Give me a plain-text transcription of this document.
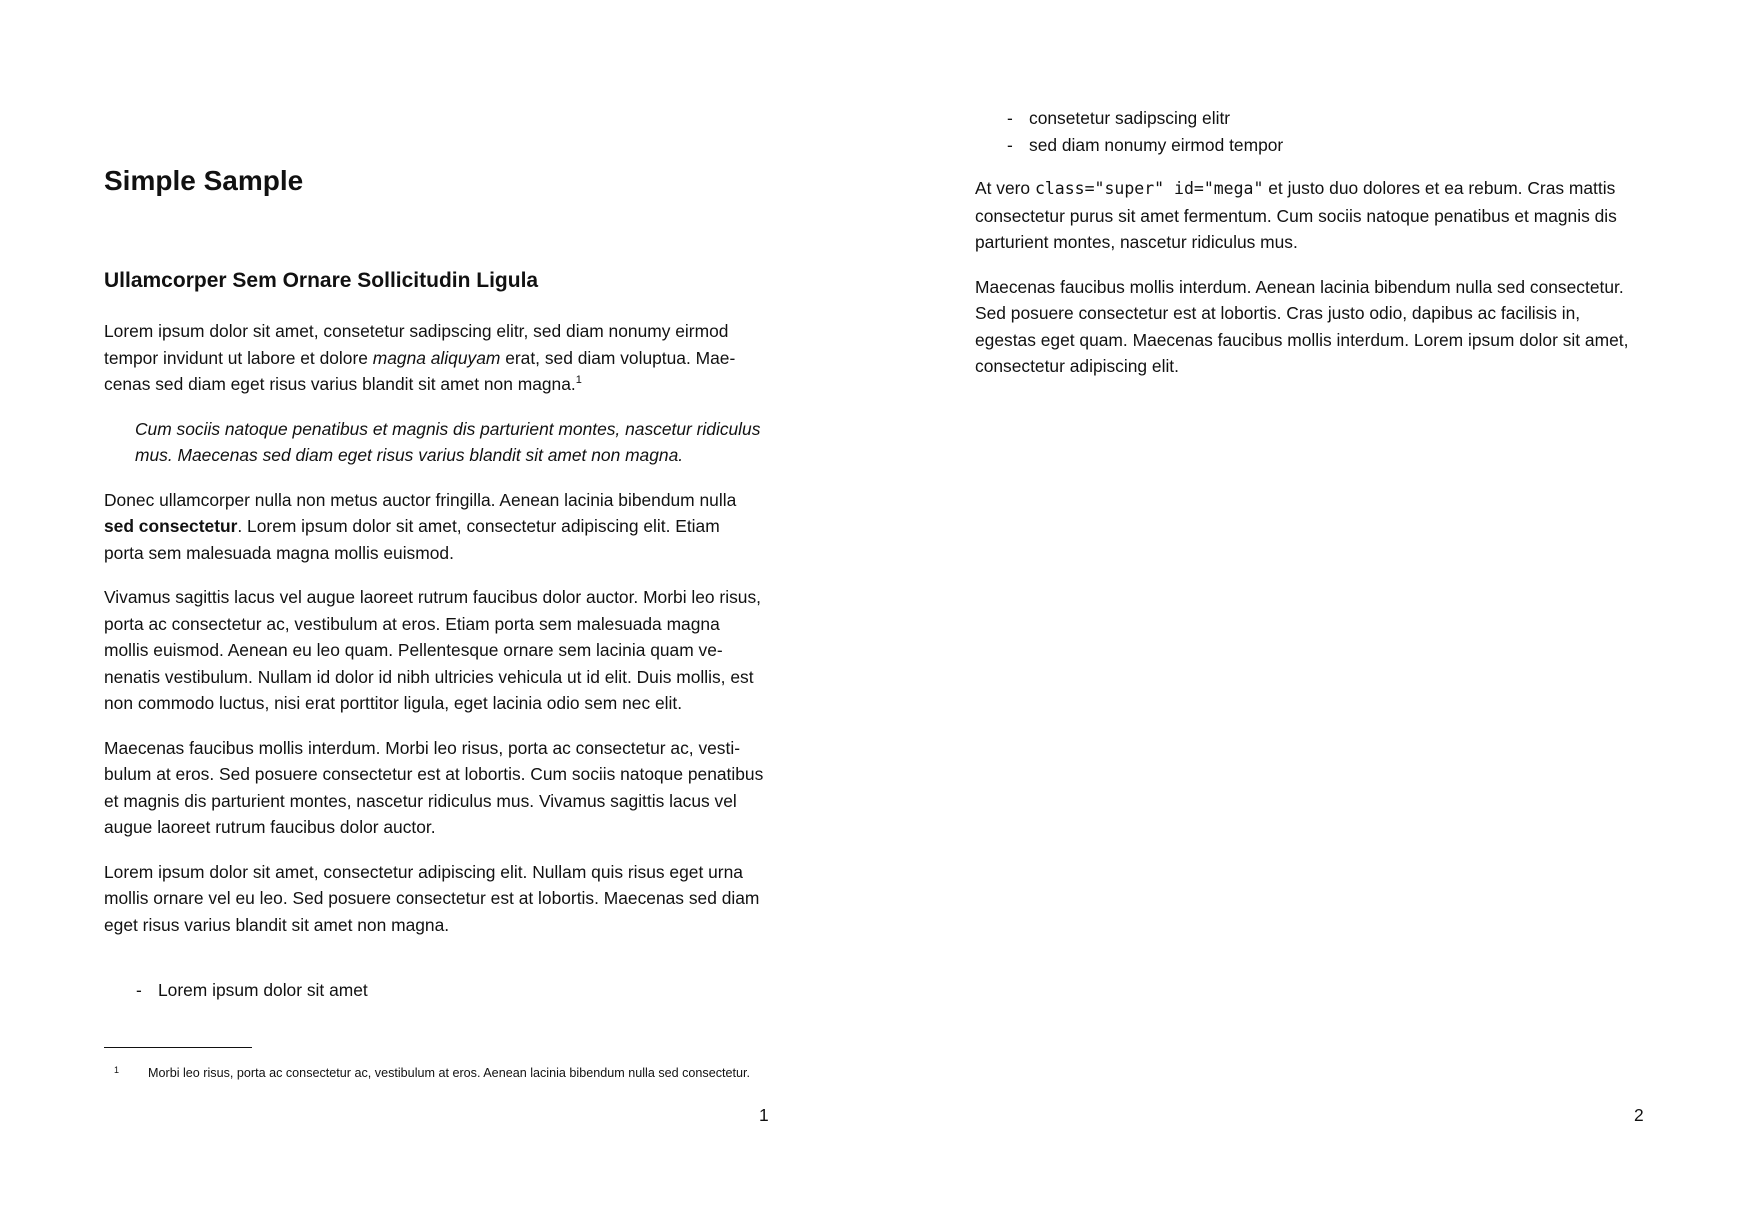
Simple Sample
Ullamcorper Sem Ornare Sollicitudin Ligula

Lorem ipsum dolor sit amet, consetetur sadipscing elitr, sed diam nonumy eirmod tempor invidunt ut labore et dolore magna aliquyam erat, sed diam voluptua. Maecenas sed diam eget risus varius blandit sit amet non magna.$^1$

Cum sociis natoque penatibus et magnis dis parturient montes, nascetur ridiculus mus. Maecenas sed diam eget risus varius blandit sit amet non magna.

Donec ullamcorper nulla non metus auctor fringilla. Aenean lacinia bibendum nulla sed consectetur. Lorem ipsum dolor sit amet, consectetur adipiscing elit. Etiam porta sem malesuada magna mollis euismod.

Vivamus sagittis lacus vel augue laoreet rutrum faucibus dolor auctor. Morbi leo risus, porta ac consectetur ac, vestibulum at eros. Etiam porta sem malesuada magna mollis euismod. Aenean eu leo quam. Pellentesque ornare sem lacinia quam venenatis vestibulum. Nullam id dolor id nibh ultricies vehicula ut id elit. Duis mollis, est non commodo luctus, nisi erat porttitor ligula, eget lacinia odio sem nec elit.

Maecenas faucibus mollis interdum. Morbi leo risus, porta ac consectetur ac, vestibulum at eros. Sed posuere consectetur est at lobortis. Cum sociis natoque penatibus et magnis dis parturient montes, nascetur ridiculus mus. Vivamus sagittis lacus vel augue laoreet rutrum faucibus dolor auctor.

Lorem ipsum dolor sit amet, consectetur adipiscing elit. Nullam quis risus eget urna mollis ornare vel eu leo. Sed posuere consectetur est at lobortis. Maecenas sed diam eget risus varius blandit sit amet non magna.

- Lorem ipsum dolor sit amet
1 Morbi leo risus, porta ac consectetur ac, vestibulum at eros. Aenean lacinia bibendum nulla sed consectetur.
1
- consetetur sadipscing elitr
- sed diam nonumy eirmod tempor

At vero class="super" id="mega" et justo duo dolores et ea rebum. Cras mattis consectetur purus sit amet fermentum. Cum sociis natoque penatibus et magnis dis parturient montes, nascetur ridiculus mus.

Maecenas faucibus mollis interdum. Aenean lacinia bibendum nulla sed consectetur. Sed posuere consectetur est at lobortis. Cras justo odio, dapibus ac facilisis in, egestas eget quam. Maecenas faucibus mollis interdum. Lorem ipsum dolor sit amet, consectetur adipiscing elit.

2
